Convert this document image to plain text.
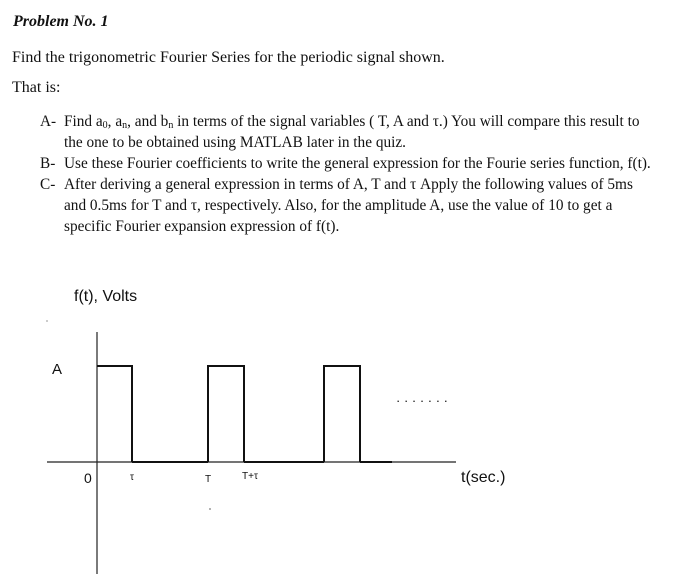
Problem No. 1
Find the trigonometric Fourier Series for the periodic signal shown.
That is:
A- Find $a_0$, $a_n$, and $b_n$ in terms of the signal variables ( T, A and τ.) You will compare this result to
the one to be obtained using MATLAB later in the quiz.
B- Use these Fourier coefficients to write the general expression for the Fourie series function, f(t).
C- After deriving a general expression in terms of A, T and τ Apply the following values of 5ms
and 0.5ms for T and τ, respectively. Also, for the amplitude A, use the value of 10 to get a
specific Fourier expansion expression of f(t).
f(t), Volts
A
0	τ	T	T+τ	t(sec.)
· · · · · · ·
